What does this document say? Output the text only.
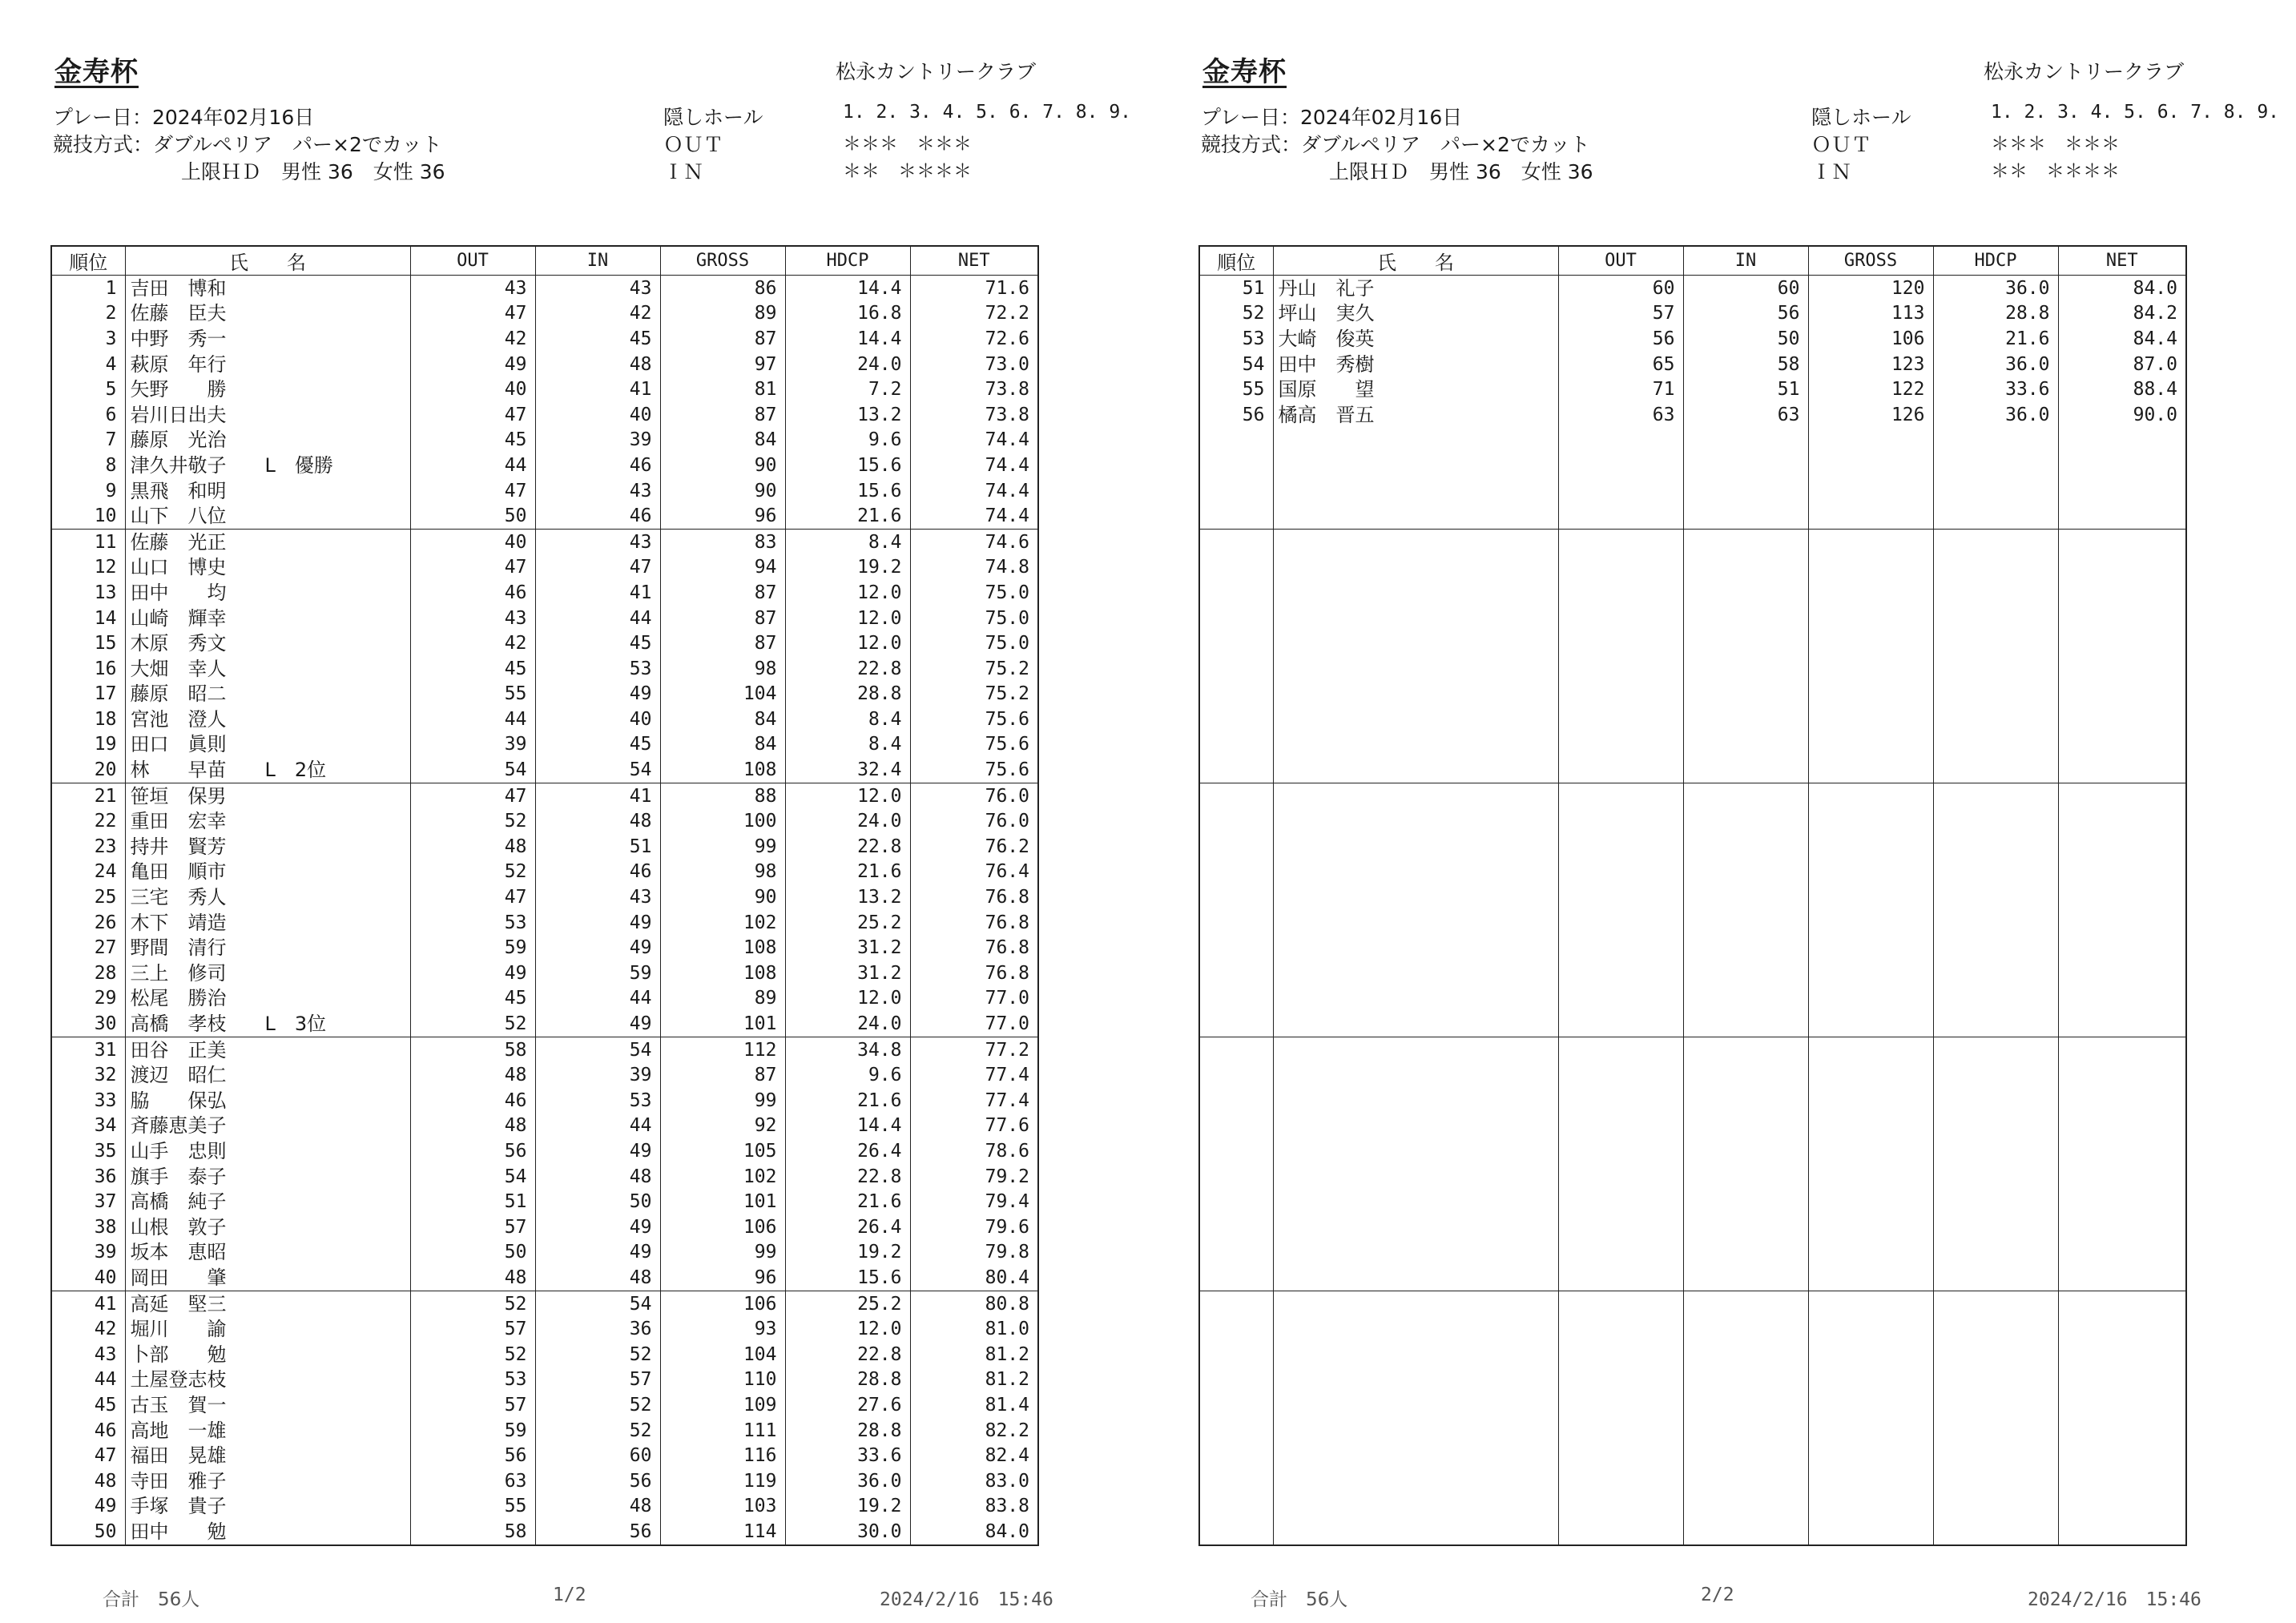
金寿杯	松永カントリークラブ
プレー日：2024年02月16日
競技方式：ダブルペリア　パー×2でカット
上限ＨＤ　男性 36　女性 36
隠しホール	1. 2. 3. 4. 5. 6. 7. 8. 9.
ＯＵＴ	＊＊＊　＊＊＊
ＩＮ	＊＊　＊＊＊＊
順位	氏　　名	OUT	IN	GROSS	HDCP	NET
1	吉田　博和	43	43	86	14.4	71.6
2	佐藤　臣夫	47	42	89	16.8	72.2
3	中野　秀一	42	45	87	14.4	72.6
4	萩原　年行	49	48	97	24.0	73.0
5	矢野　　勝	40	41	81	7.2	73.8
6	岩川日出夫	47	40	87	13.2	73.8
7	藤原　光治	45	39	84	9.6	74.4
8	津久井敬子　　L　優勝	44	46	90	15.6	74.4
9	黒飛　和明	47	43	90	15.6	74.4
10	山下　八位	50	46	96	21.6	74.4
11	佐藤　光正	40	43	83	8.4	74.6
12	山口　博史	47	47	94	19.2	74.8
13	田中　　均	46	41	87	12.0	75.0
14	山崎　輝幸	43	44	87	12.0	75.0
15	木原　秀文	42	45	87	12.0	75.0
16	大畑　幸人	45	53	98	22.8	75.2
17	藤原　昭二	55	49	104	28.8	75.2
18	宮池　澄人	44	40	84	8.4	75.6
19	田口　眞則	39	45	84	8.4	75.6
20	林　　早苗　　L　2位	54	54	108	32.4	75.6
21	笹垣　保男	47	41	88	12.0	76.0
22	重田　宏幸	52	48	100	24.0	76.0
23	持井　賢芳	48	51	99	22.8	76.2
24	亀田　順市	52	46	98	21.6	76.4
25	三宅　秀人	47	43	90	13.2	76.8
26	木下　靖造	53	49	102	25.2	76.8
27	野間　清行	59	49	108	31.2	76.8
28	三上　修司	49	59	108	31.2	76.8
29	松尾　勝治	45	44	89	12.0	77.0
30	高橋　孝枝　　L　3位	52	49	101	24.0	77.0
31	田谷　正美	58	54	112	34.8	77.2
32	渡辺　昭仁	48	39	87	9.6	77.4
33	脇　　保弘	46	53	99	21.6	77.4
34	斉藤恵美子	48	44	92	14.4	77.6
35	山手　忠則	56	49	105	26.4	78.6
36	旗手　泰子	54	48	102	22.8	79.2
37	高橋　純子	51	50	101	21.6	79.4
38	山根　敦子	57	49	106	26.4	79.6
39	坂本　恵昭	50	49	99	19.2	79.8
40	岡田　　肇	48	48	96	15.6	80.4
41	高延　堅三	52	54	106	25.2	80.8
42	堀川　　諭	57	36	93	12.0	81.0
43	卜部　　勉	52	52	104	22.8	81.2
44	土屋登志枝	53	57	110	28.8	81.2
45	古玉　賀一	57	52	109	27.6	81.4
46	高地　一雄	59	52	111	28.8	82.2
47	福田　晃雄	56	60	116	33.6	82.4
48	寺田　雅子	63	56	119	36.0	83.0
49	手塚　貴子	55	48	103	19.2	83.8
50	田中　　勉	58	56	114	30.0	84.0
合計　56人	1/2	2024/2/16　15:46
金寿杯	松永カントリークラブ
プレー日：2024年02月16日
競技方式：ダブルペリア　パー×2でカット
上限ＨＤ　男性 36　女性 36
隠しホール	1. 2. 3. 4. 5. 6. 7. 8. 9.
ＯＵＴ	＊＊＊　＊＊＊
ＩＮ	＊＊　＊＊＊＊
順位	氏　　名	OUT	IN	GROSS	HDCP	NET
51	丹山　礼子	60	60	120	36.0	84.0
52	坪山　実久	57	56	113	28.8	84.2
53	大崎　俊英	56	50	106	21.6	84.4
54	田中　秀樹	65	58	123	36.0	87.0
55	国原　　望	71	51	122	33.6	88.4
56	橘高　晋五	63	63	126	36.0	90.0

合計　56人	2/2	2024/2/16　15:46
